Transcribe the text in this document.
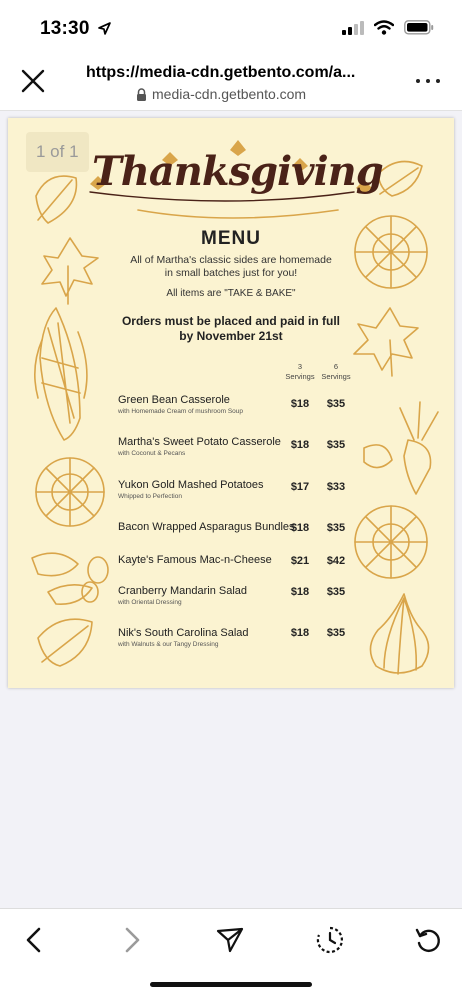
13:30
https://media-cdn.getbento.com/a...
media-cdn.getbento.com
1 of 1 Thanksgiving
MENU
All of Martha's classic sides are homemade
in small batches just for you!
All items are "TAKE & BAKE"
Orders must be placed and paid in full
by November 21st
3
Servings
6
Servings
Green Bean Casserole
with Homemade Cream of mushroom Soup
$18	$35
Martha's Sweet Potato Casserole
with Coconut & Pecans
$18	$35
Yukon Gold Mashed Potatoes
Whipped to Perfection
$17	$33
Bacon Wrapped Asparagus Bundles
$18	$35
Kayte's Famous Mac-n-Cheese	$21	$42
Cranberry Mandarin Salad
with Oriental Dressing
$18	$35
Nik's South Carolina Salad
with Walnuts & our Tangy Dressing
$18	$35
